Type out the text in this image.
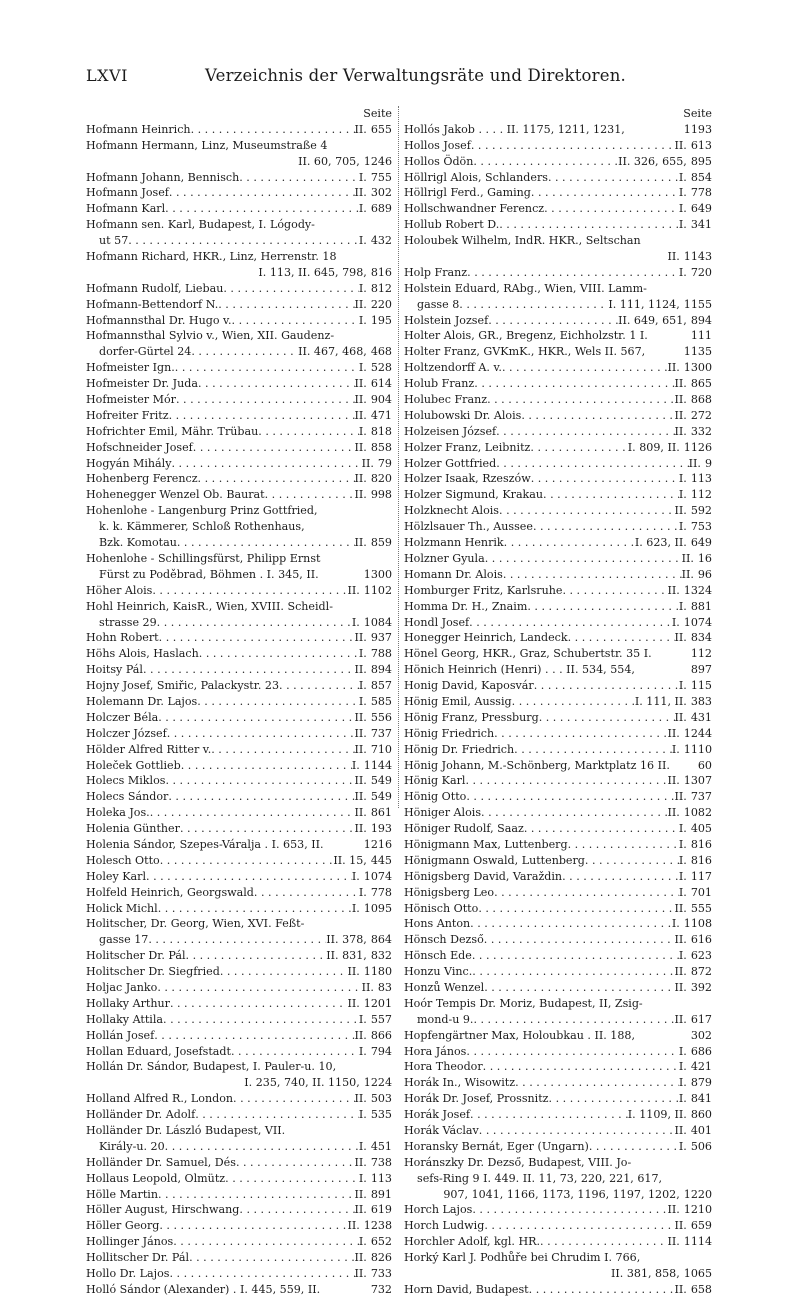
LXVI	Verzeichnis der Verwaltungsräte und Direktoren.
Seite
Hofmann Heinrich . . .	II. 655
Hofmann Hermann, Linz, Museumstraße 4
II. 60, 705, 1246
Hofmann Johann, Bennisch . . .	I. 755
Hofmann Josef . . .	II. 302
Hofmann Karl . . .	I. 689
Hofmann sen. Karl, Budapest, I. Lógody-
ut 57 . . .	I. 432
Hofmann Richard, HKR., Linz, Herrenstr. 18
I. 113, II. 645, 798, 816
Hofmann Rudolf, Liebau . . .	I. 812
Hofmann-Bettendorf N. . . .	II. 220
Hofmannsthal Dr. Hugo v. . . .	I. 195
Hofmannsthal Sylvio v., Wien, XII. Gaudenz-
dorfer-Gürtel 24 . . .	II. 467, 468, 468
Hofmeister Ign. . . .	I. 528
Hofmeister Dr. Juda . . .	II. 614
Hofmeister Mór . . .	II. 904
Hofreiter Fritz . . .	II. 471
Hofrichter Emil, Mähr. Trübau . . .	I. 818
Hofschneider Josef . . .	II. 858
Hogyán Mihály . . .	II. 79
Hohenberg Ferencz . . .	II. 820
Hohenegger Wenzel Ob. Baurat . . .	II. 998
Hohenlohe - Langenburg Prinz Gottfried,
k. k. Kämmerer, Schloß Rothenhaus,
Bzk. Komotau . . .	II. 859
Hohenlohe - Schillingsfürst, Philipp Ernst
Fürst zu Poděbrad, Böhmen . I. 345, II.	1300
Höher Alois . . .	II. 1102
Hohl Heinrich, KaisR., Wien, XVIII. Scheidl-
strasse 29 . . .	I. 1084
Hohn Robert . . .	II. 937
Höhs Alois, Haslach . . .	I. 788
Hoitsy Pál . . .	II. 894
Hojny Josef, Smiřic, Palackystr. 23 . . .	I. 857
Holemann Dr. Lajos . . .	I. 585
Holczer Béla . . .	II. 556
Holczer József . . .	II. 737
Hölder Alfred Ritter v. . . .	II. 710
Holeček Gottlieb . . .	I. 1144
Holecs Miklos . . .	II. 549
Holecs Sándor . . .	II. 549
Holeka Jos. . . .	II. 861
Holenia Günther . . .	II. 193
Holenia Sándor, Szepes-Váralja . I. 653, II.	1216
Holesch Otto . . .	II. 15, 445
Holey Karl . . .	I. 1074
Holfeld Heinrich, Georgswald . . .	I. 778
Holick Michl . . .	I. 1095
Holitscher, Dr. Georg, Wien, XVI. Feßt-
gasse 17 . . .	II. 378, 864
Holitscher Dr. Pál . . .	II. 831, 832
Holitscher Dr. Siegfried . . .	II. 1180
Holjac Janko . . .	II. 83
Hollaky Arthur . . .	II. 1201
Hollaky Attila . . .	I. 557
Hollán Josef . . .	II. 866
Hollan Eduard, Josefstadt . . .	I. 794
Hollán Dr. Sándor, Budapest, I. Pauler-u. 10,
I. 235, 740, II. 1150, 1224
Holland Alfred R., London . . .	II. 503
Holländer Dr. Adolf . . .	I. 535
Holländer Dr. László Budapest, VII.
Király-u. 20 . . .	I. 451
Holländer Dr. Samuel, Dés . . .	II. 738
Hollaus Leopold, Olmütz . . .	I. 113
Hölle Martin . . .	II. 891
Höller August, Hirschwang . . .	II. 619
Höller Georg . . .	II. 1238
Hollinger János . . .	I. 652
Hollitscher Dr. Pál . . .	II. 826
Hollo Dr. Lajos . . .	II. 733
Holló Sándor (Alexander) . I. 445, 559, II.	732
Seite
Hollós Jakob . . . . II. 1175, 1211, 1231,	1193
Hollos Josef . . .	II. 613
Hollos Ödön . . .	II. 326, 655, 895
Höllrigl Alois, Schlanders . . .	I. 854
Höllrigl Ferd., Gaming . . .	I. 778
Hollschwandner Ferencz . . .	I. 649
Hollub Robert D. . . .	I. 341
Holoubek Wilhelm, IndR. HKR., Seltschan
II. 1143
Holp Franz . . .	I. 720
Holstein Eduard, RAbg., Wien, VIII. Lamm-
gasse 8 . . .	I. 111, 1124, 1155
Holstein Jozsef . . .	II. 649, 651, 894
Holter Alois, GR., Bregenz, Eichholzstr. 1 I.	111
Holter Franz, GVKmK., HKR., Wels II. 567,	1135
Holtzendorff A. v. . . .	II. 1300
Holub Franz . . .	II. 865
Holubec Franz . . .	II. 868
Holubowski Dr. Alois . . .	II. 272
Holzeisen József . . .	II. 332
Holzer Franz, Leibnitz . . .	I. 809, II. 1126
Holzer Gottfried . . .	II. 9
Holzer Isaak, Rzeszów . . .	I. 113
Holzer Sigmund, Krakau . . .	I. 112
Holzknecht Alois . . .	II. 592
Hölzlsauer Th., Aussee . . .	I. 753
Holzmann Henrik . . .	I. 623, II. 649
Holzner Gyula . . .	II. 16
Homann Dr. Alois . . .	II. 96
Homburger Fritz, Karlsruhe . . .	II. 1324
Homma Dr. H., Znaim . . .	I. 881
Hondl Josef . . .	I. 1074
Honegger Heinrich, Landeck . . .	II. 834
Hönel Georg, HKR., Graz, Schubertstr. 35 I.	112
Hönich Heinrich (Henri) . . . II. 534, 554,	897
Honig David, Kaposvár . . .	I. 115
Hönig Emil, Aussig . . .	I. 111, II. 383
Hönig Franz, Pressburg . . .	II. 431
Hönig Friedrich . . .	II. 1244
Hönig Dr. Friedrich . . .	I. 1110
Hönig Johann, M.-Schönberg, Marktplatz 16 II.	60
Hönig Karl . . .	II. 1307
Hönig Otto . . .	II. 737
Höniger Alois . . .	II. 1082
Höniger Rudolf, Saaz . . .	I. 405
Hönigmann Max, Luttenberg . . .	I. 816
Hönigmann Oswald, Luttenberg . . .	I. 816
Hönigsberg David, Varaždin . . .	I. 117
Hönigsberg Leo . . .	I. 701
Hönisch Otto . . .	II. 555
Hons Anton . . .	I. 1108
Hönsch Dezső . . .	II. 616
Hönsch Ede . . .	I. 623
Honzu Vinc. . . .	II. 872
Honzů Wenzel . . .	II. 392
Hoór Tempis Dr. Moriz, Budapest, II, Zsig-
mond-u 9. . . .	II. 617
Hopfengärtner Max, Holoubkau . II. 188,	302
Hora János . . .	I. 686
Hora Theodor . . .	I. 421
Horák In., Wisowitz . . .	I. 879
Horák Dr. Josef, Prossnitz . . .	I. 841
Horák Josef . . .	I. 1109, II. 860
Horák Václav . . .	II. 401
Horansky Bernát, Eger (Ungarn) . . .	I. 506
Horánszky Dr. Dezső, Budapest, VIII. Jo-
sefs-Ring 9 I. 449. II. 11, 73, 220, 221, 617,
907, 1041, 1166, 1173, 1196, 1197, 1202, 1220
Horch Lajos . . .	II. 1210
Horch Ludwig . . .	II. 659
Horchler Adolf, kgl. HR. . . .	II. 1114
Horký Karl J. Podhůře bei Chrudim I. 766,
II. 381, 858, 1065
Horn David, Budapest . . .	II. 658
